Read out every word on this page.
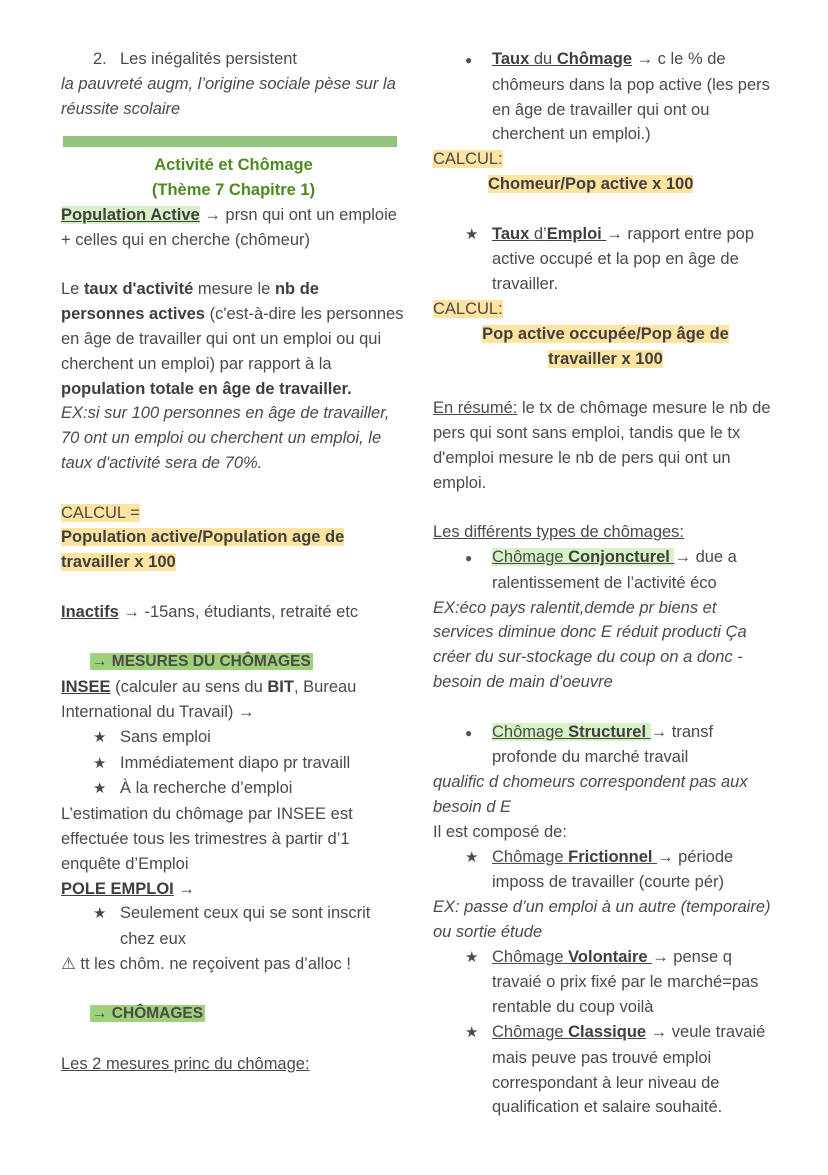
2. Les inégalités persistent

la pauvreté augm, l’origine sociale pèse sur la réussite scolaire

Activité et Chômage

(Thème 7 Chapitre 1)

Population Active → prsn qui ont un emploie + celles qui en cherche (chômeur)

Le taux d'activité mesure le nb de personnes actives (c'est-à-dire les personnes en âge de travailler qui ont un emploi ou qui cherchent un emploi) par rapport à la population totale en âge de travailler.

EX:si sur 100 personnes en âge de travailler, 70 ont un emploi ou cherchent un emploi, le taux d'activité sera de 70%.

CALCUL =

Population active/Population age de travailler x 100

Inactifs → -15ans, étudiants, retraité etc

→ MESURES DU CHÔMAGES

INSEE (calculer au sens du BIT, Bureau International du Travail) →

★ Sans emploi

★ Immédiatement diapo pr travaill

★ À la recherche d’emploi

L’estimation du chômage par INSEE est effectuée tous les trimestres à partir d’1 enquête d’Emploi

POLE EMPLOI →

★ Seulement ceux qui se sont inscrit chez eux

⚠ tt les chôm. ne reçoivent pas d’alloc !

→ CHÔMAGES

Les 2 mesures princ du chômage:

● Taux du Chômage → c le % de chômeurs dans la pop active (les pers en âge de travailler qui ont ou cherchent un emploi.)

CALCUL:

Chomeur/Pop active x 100

★ Taux d’Emploi → rapport entre pop active occupé et la pop en âge de travailler.

CALCUL:

Pop active occupée/Pop âge de

travailler x 100

En résumé: le tx de chômage mesure le nb de pers qui sont sans emploi, tandis que le tx d'emploi mesure le nb de pers qui ont un emploi.

Les différents types de chômages:

● Chômage Conjoncturel → due a ralentissement de l’activité éco

EX:éco pays ralentit,demde pr biens et services diminue donc E réduit producti Ça créer du sur-stockage du coup on a donc - besoin de main d’oeuvre

● Chômage Structurel → transf profonde du marché travail

qualific d chomeurs correspondent pas aux besoin d E

Il est composé de:

★ Chômage Frictionnel → période imposs de travailler (courte pér)

EX: passe d’un emploi à un autre (temporaire) ou sortie étude

★ Chômage Volontaire → pense q travaié o prix fixé par le marché=pas rentable du coup voilà

★ Chômage Classique → veule travaié mais peuve pas trouvé emploi correspondant à leur niveau de qualification et salaire souhaité.
